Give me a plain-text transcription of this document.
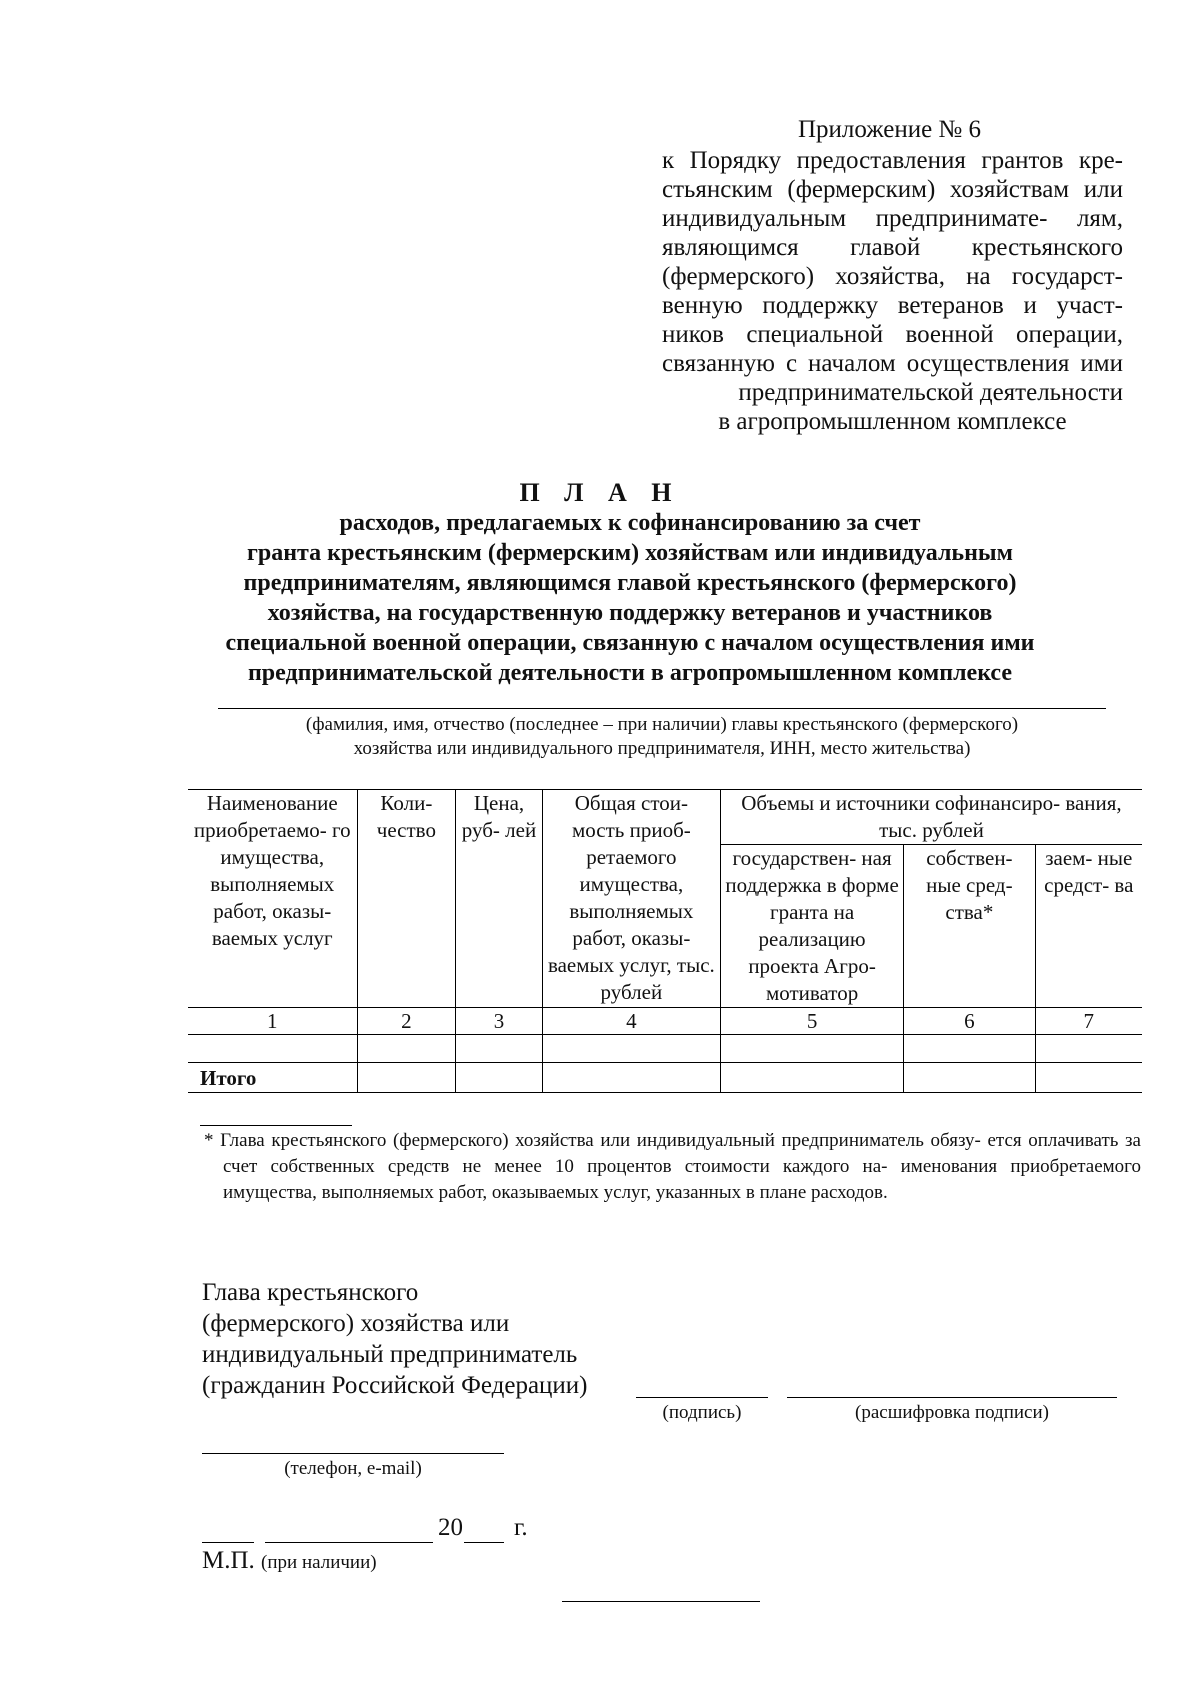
Приложение № 6
к Порядку предоставления грантов кре- стьянским (фермерским) хозяйствам или индивидуальным предпринимате- лям, являющимся главой крестьянского (фермерского) хозяйства, на государст- венную поддержку ветеранов и участ- ников специальной военной операции, связанную с началом осуществления ими предпринимательской деятельности
в агропромышленном комплексе
П Л А Н
расходов, предлагаемых к софинансированию за счет
гранта крестьянским (фермерским) хозяйствам или индивидуальным
предпринимателям, являющимся главой крестьянского (фермерского)
хозяйства, на государственную поддержку ветеранов и участников
специальной военной операции, связанную с началом осуществления ими
предпринимательской деятельности в агропромышленном комплексе
(фамилия, имя, отчество (последнее – при наличии) главы крестьянского (фермерского)
хозяйства или индивидуального предпринимателя, ИНН, место жительства)
Наименование приобретаемо- го имущества, выполняемых работ, оказы- ваемых услуг	Коли- чество	Цена, руб- лей	Общая стои- мость приоб- ретаемого имущества, выполняемых работ, оказы- ваемых услуг, тыс. рублей	Объемы и источники софинансиро- вания, тыс. рублей		
				государствен- ная поддержка в форме гранта на реализацию проекта Агро- мотиватор	собствен- ные сред- ства*	заем- ные средст- ва
1	2	3	4	5	6	7

Итого						
* Глава крестьянского (фермерского) хозяйства или индивидуальный предприниматель обязу- ется оплачивать за счет собственных средств не менее 10 процентов стоимости каждого на- именования приобретаемого имущества, выполняемых работ, оказываемых услуг, указанных в плане расходов.
Глава крестьянского
(фермерского) хозяйства или
индивидуальный предприниматель
(гражданин Российской Федерации)
(подпись)	(расшифровка подписи)
(телефон, e-mail)
20 г.
М.П. (при наличии)
